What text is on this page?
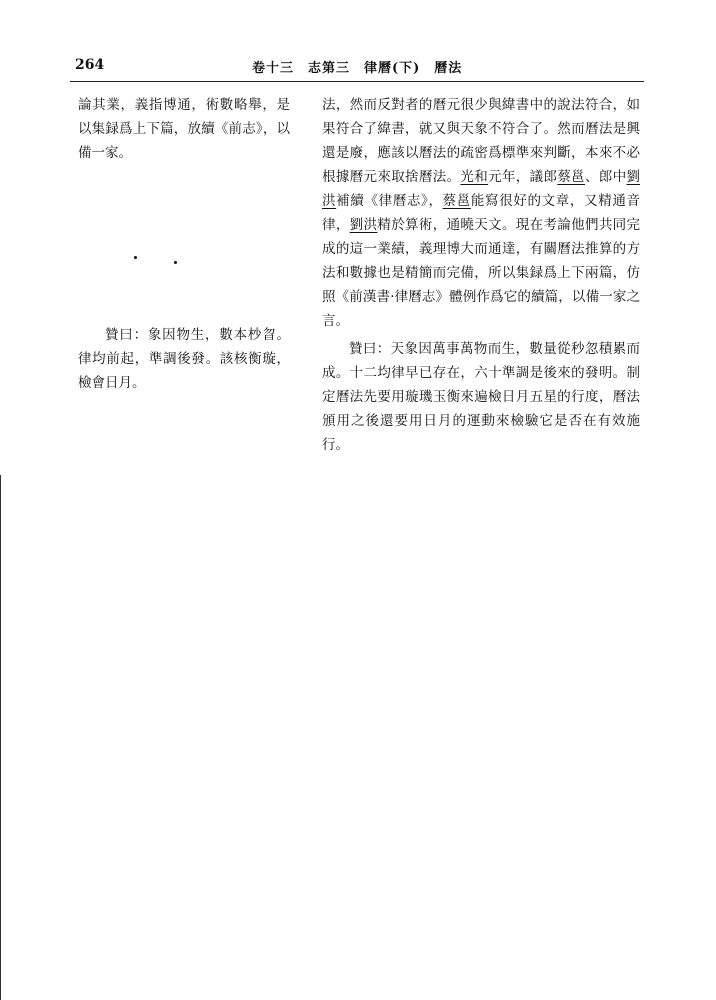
264	卷十三　志第三　律曆(下)　曆法

論其業，義指博通，術數略舉，是以集録爲上下篇，放續《前志》，以備一家。

贊曰：象因物生，數本杪曶。律均前起，準調後發。該核衡璇，檢會日月。

法，然而反對者的曆元很少與緯書中的說法符合，如果符合了緯書，就又與天象不符合了。然而曆法是興還是廢，應該以曆法的疏密爲標準來判斷，本來不必根據曆元來取捨曆法。光和元年，議郎蔡邕、郎中劉洪補續《律曆志》，蔡邕能寫很好的文章，又精通音律，劉洪精於算術，通曉天文。現在考論他們共同完成的這一業績，義理博大而通達，有關曆法推算的方法和數據也是精簡而完備，所以集録爲上下兩篇，仿照《前漢書·律曆志》體例作爲它的續篇，以備一家之言。

贊曰：天象因萬事萬物而生，數量從秒忽積累而成。十二均律早已存在，六十準調是後來的發明。制定曆法先要用璇璣玉衡來遍檢日月五星的行度，曆法頒用之後還要用日月的運動來檢驗它是否在有效施行。
